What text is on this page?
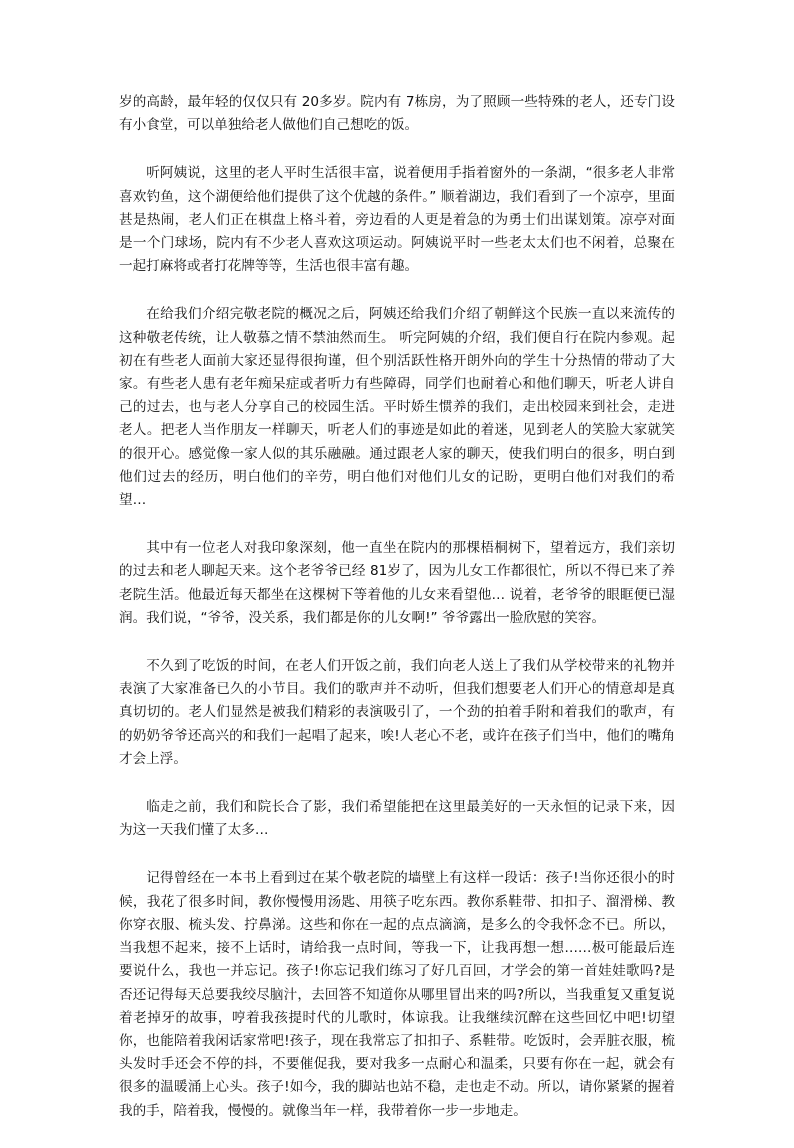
岁的高龄，最年轻的仅仅只有 20多岁。院内有 7栋房，为了照顾一些特殊的老人，还专门设有小食堂，可以单独给老人做他们自己想吃的饭。

听阿姨说，这里的老人平时生活很丰富，说着便用手指着窗外的一条湖，“很多老人非常喜欢钓鱼，这个湖便给他们提供了这个优越的条件。” 顺着湖边，我们看到了一个凉亭，里面甚是热闹，老人们正在棋盘上格斗着，旁边看的人更是着急的为勇士们出谋划策。凉亭对面是一个门球场，院内有不少老人喜欢这项运动。阿姨说平时一些老太太们也不闲着，总聚在一起打麻将或者打花牌等等，生活也很丰富有趣。

在给我们介绍完敬老院的概况之后，阿姨还给我们介绍了朝鲜这个民族一直以来流传的这种敬老传统，让人敬慕之情不禁油然而生。 听完阿姨的介绍，我们便自行在院内参观。起初在有些老人面前大家还显得很拘谨，但个别活跃性格开朗外向的学生十分热情的带动了大家。有些老人患有老年痴呆症或者听力有些障碍，同学们也耐着心和他们聊天，听老人讲自己的过去，也与老人分享自己的校园生活。平时娇生惯养的我们，走出校园来到社会，走进老人。把老人当作朋友一样聊天，听老人们的事迹是如此的着迷，见到老人的笑脸大家就笑的很开心。感觉像一家人似的其乐融融。通过跟老人家的聊天，使我们明白的很多，明白到他们过去的经历，明白他们的辛劳，明白他们对他们儿女的记盼，更明白他们对我们的希望…

其中有一位老人对我印象深刻，他一直坐在院内的那棵梧桐树下，望着远方，我们亲切的过去和老人聊起天来。这个老爷爷已经 81岁了，因为儿女工作都很忙，所以不得已来了养老院生活。他最近每天都坐在这棵树下等着他的儿女来看望他… 说着，老爷爷的眼眶便已湿润。我们说，“爷爷，没关系，我们都是你的儿女啊!” 爷爷露出一脸欣慰的笑容。

不久到了吃饭的时间，在老人们开饭之前，我们向老人送上了我们从学校带来的礼物并表演了大家准备已久的小节目。我们的歌声并不动听，但我们想要老人们开心的情意却是真真切切的。老人们显然是被我们精彩的表演吸引了，一个劲的拍着手附和着我们的歌声，有的奶奶爷爷还高兴的和我们一起唱了起来，唉!人老心不老，或许在孩子们当中，他们的嘴角才会上浮。

临走之前，我们和院长合了影，我们希望能把在这里最美好的一天永恒的记录下来，因为这一天我们懂了太多…

记得曾经在一本书上看到过在某个敬老院的墙壁上有这样一段话：孩子!当你还很小的时候，我花了很多时间，教你慢慢用汤匙、用筷子吃东西。教你系鞋带、扣扣子、溜滑梯、教你穿衣服、梳头发、拧鼻涕。这些和你在一起的点点滴滴，是多么的令我怀念不已。所以，当我想不起来，接不上话时，请给我一点时间，等我一下，让我再想一想……极可能最后连要说什么，我也一并忘记。孩子!你忘记我们练习了好几百回，才学会的第一首娃娃歌吗?是否还记得每天总要我绞尽脑汁，去回答不知道你从哪里冒出来的吗?所以，当我重复又重复说着老掉牙的故事，哼着我孩提时代的儿歌时，体谅我。让我继续沉醉在这些回忆中吧!切望你，也能陪着我闲话家常吧!孩子，现在我常忘了扣扣子、系鞋带。吃饭时，会弄脏衣服，梳头发时手还会不停的抖，不要催促我，要对我多一点耐心和温柔，只要有你在一起，就会有很多的温暖涌上心头。孩子!如今，我的脚站也站不稳，走也走不动。所以，请你紧紧的握着我的手，陪着我，慢慢的。就像当年一样，我带着你一步一步地走。
